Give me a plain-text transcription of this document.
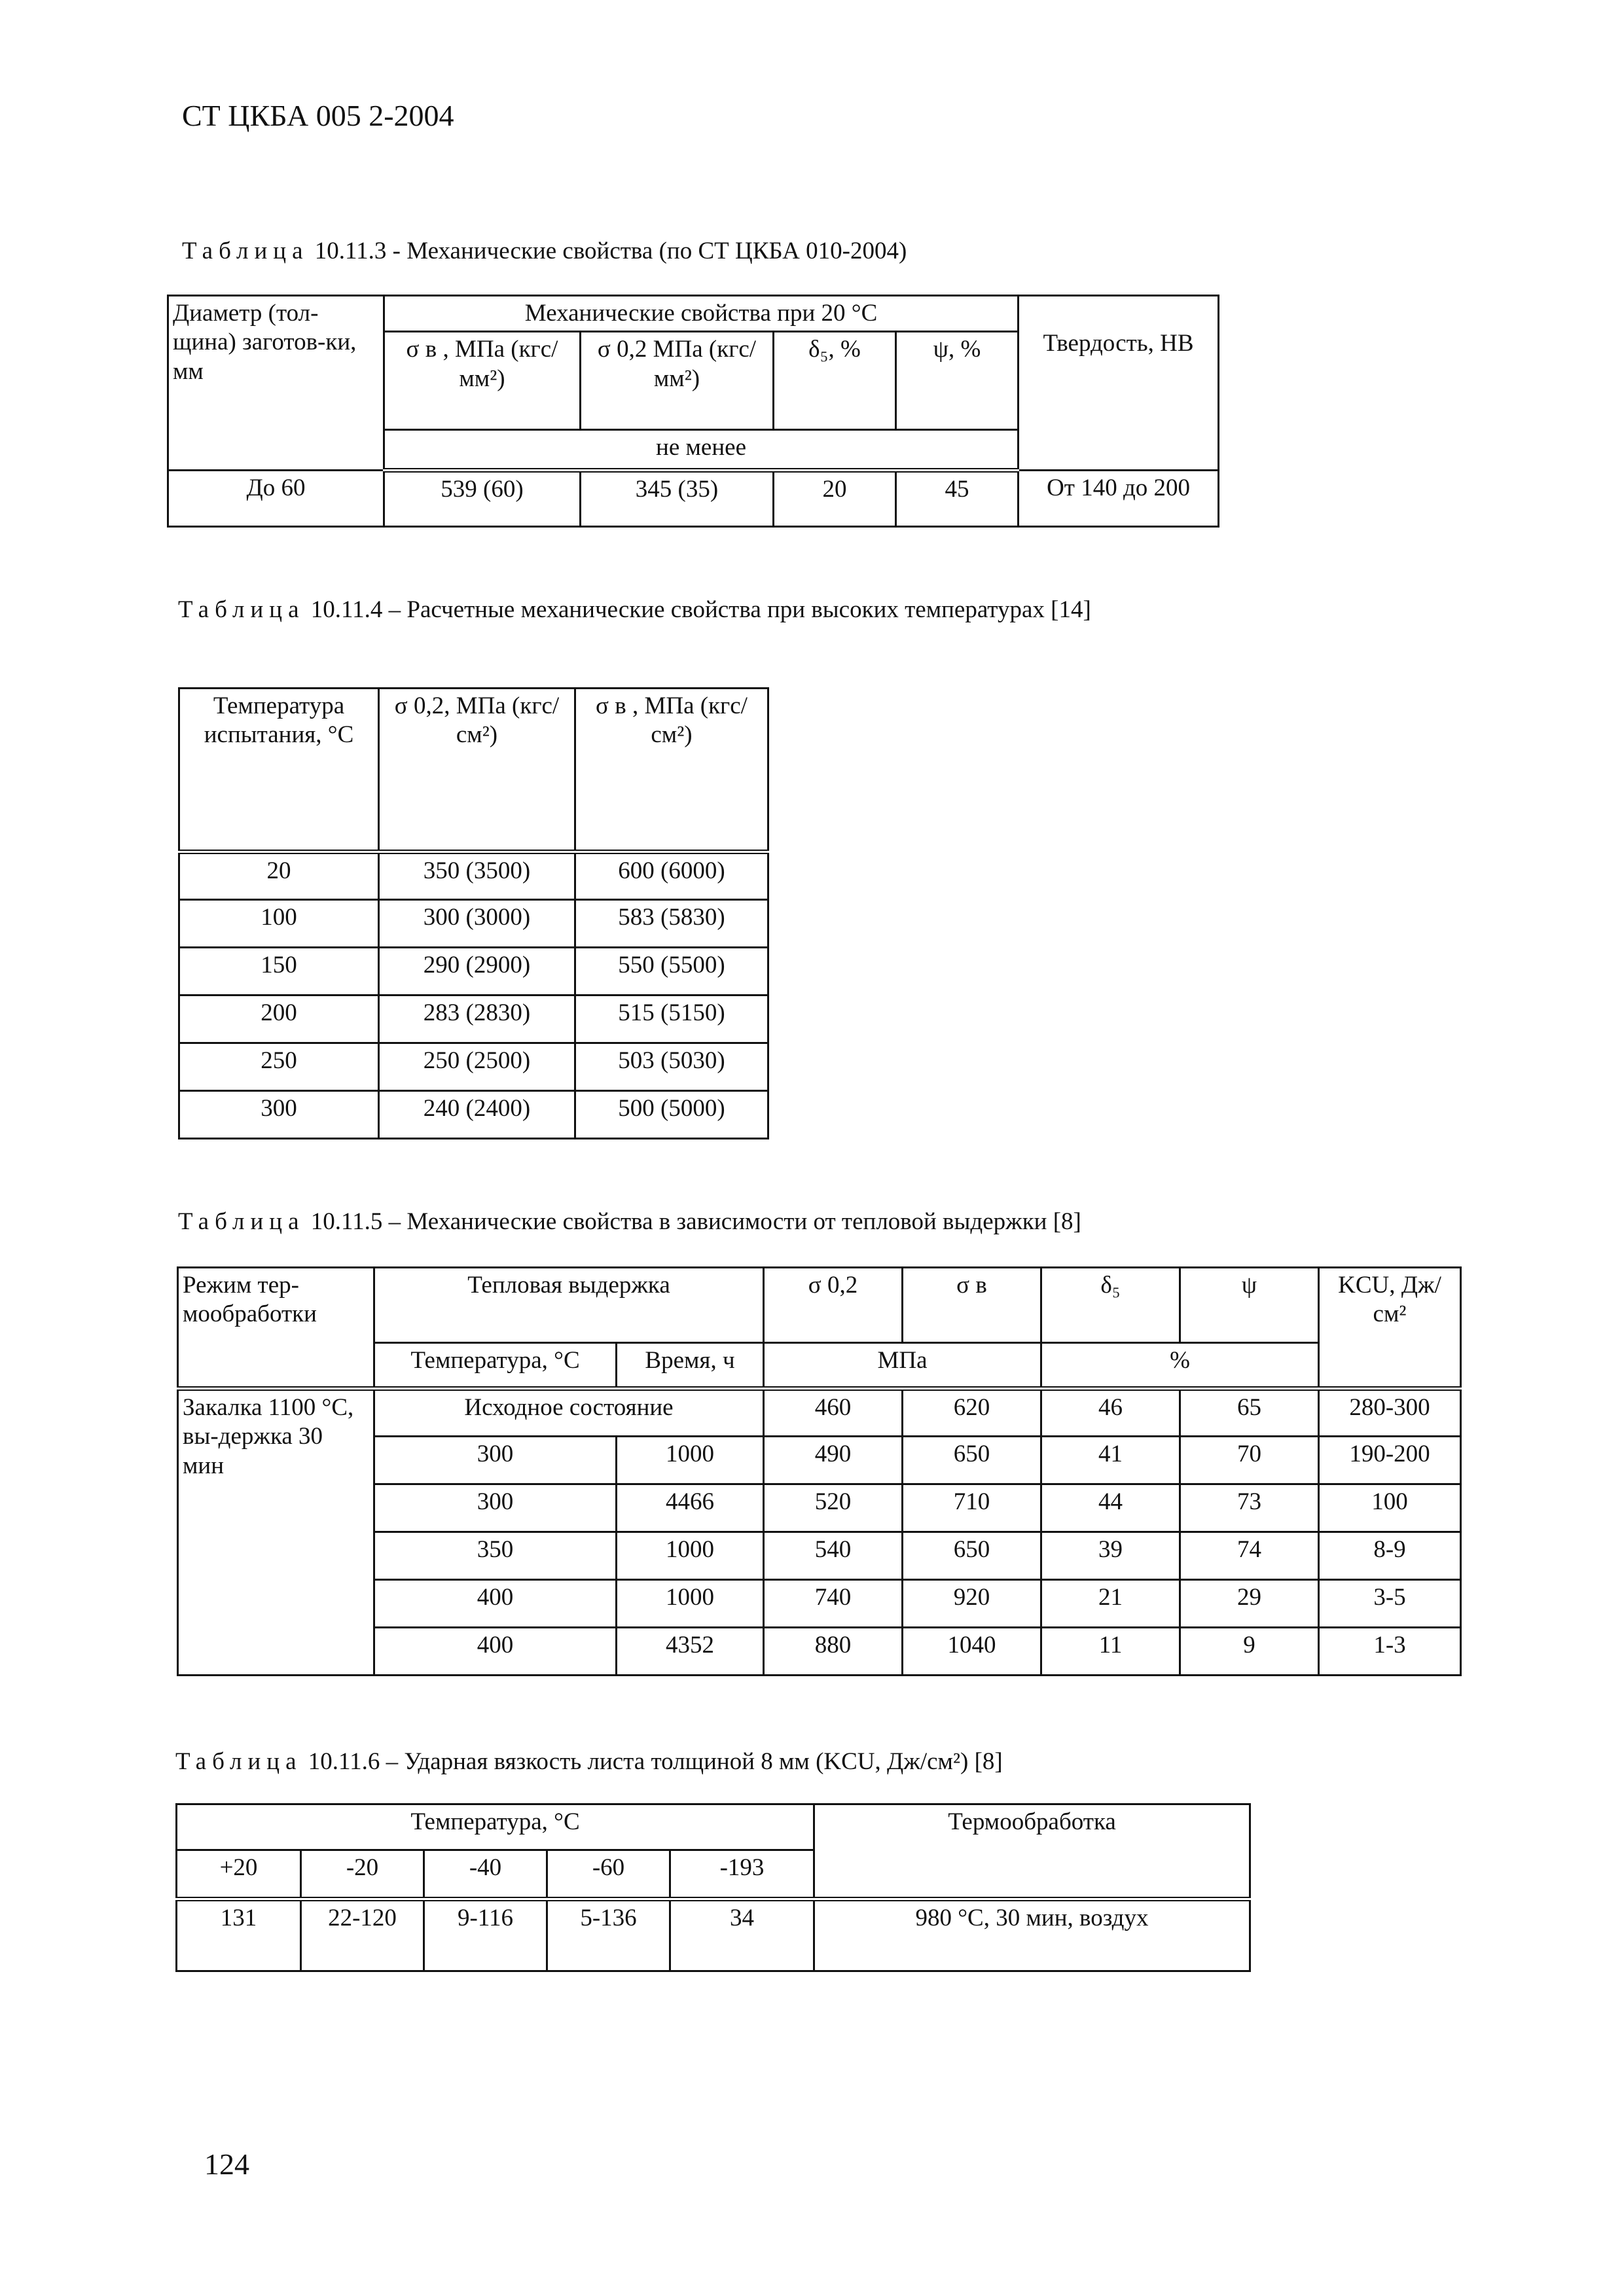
СТ ЦКБА 005 2-2004
Таблица 10.11.3 - Механические свойства (по СТ ЦКБА 010-2004)
Диаметр (тол-щина) заготов-ки, мм	Механические свойства при 20 °С				Твердость, НВ
	σ в , МПа (кгс/мм²)	σ 0,2 МПа (кгс/мм²)	δ₅, %	ψ, %	
	не менее				
До 60	539 (60)	345 (35)	20	45	От 140 до 200
Таблица 10.11.4 – Расчетные механические свойства при высоких температурах [14]
Температура испытания, °С	σ 0,2, МПа (кгс/см²)	σ в , МПа (кгс/см²)
20	350 (3500)	600 (6000)
100	300 (3000)	583 (5830)
150	290 (2900)	550 (5500)
200	283 (2830)	515 (5150)
250	250 (2500)	503 (5030)
300	240 (2400)	500 (5000)
Таблица 10.11.5 – Механические свойства в зависимости от тепловой выдержки [8]
Режим тер-мообработки	Тепловая выдержка		σ 0,2	σ в	δ₅	ψ	KCU, Дж/см²
	Температура, °С	Время, ч	МПа		%		
Закалка 1100 °С, вы-держка 30 мин	Исходное состояние		460	620	46	65	280-300
	300	1000	490	650	41	70	190-200
	300	4466	520	710	44	73	100
	350	1000	540	650	39	74	8-9
	400	1000	740	920	21	29	3-5
	400	4352	880	1040	11	9	1-3
Таблица 10.11.6 – Ударная вязкость листа толщиной 8 мм (KCU, Дж/см²) [8]
Температура, °С					Термообработка
+20	-20	-40	-60	-193	
131	22-120	9-116	5-136	34	980 °С, 30 мин, воздух
124
